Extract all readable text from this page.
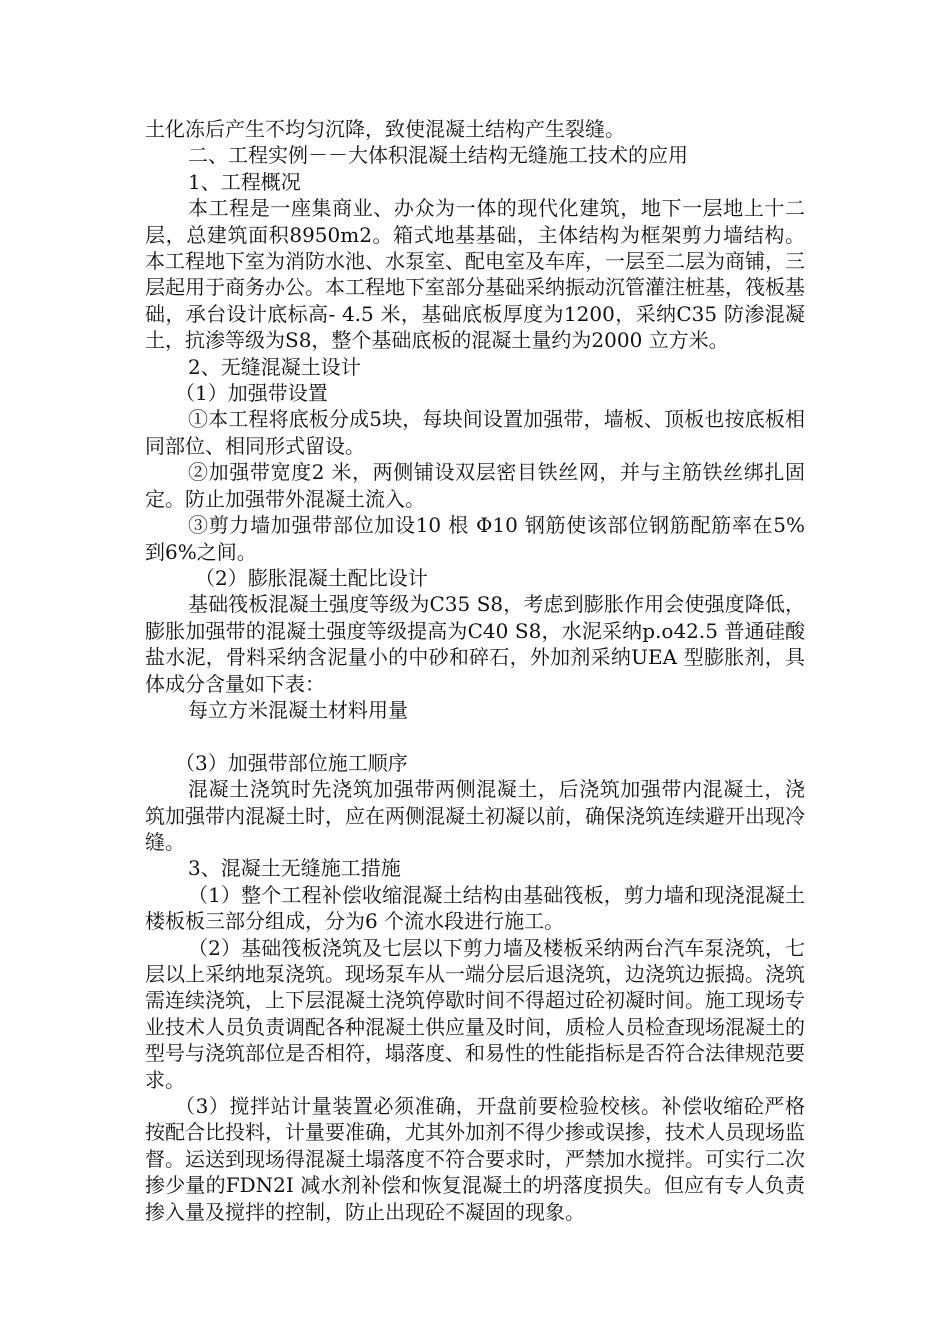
土化冻后产生不均匀沉降，致使混凝土结构产生裂缝。

二、工程实例－－大体积混凝土结构无缝施工技术的应用

1、工程概况

本工程是一座集商业、办众为一体的现代化建筑，地下一层地上十二层，总建筑面积8950m2。箱式地基基础，主体结构为框架剪力墙结构。本工程地下室为消防水池、水泵室、配电室及车库，一层至二层为商铺，三层起用于商务办公。本工程地下室部分基础采纳振动沉管灌注桩基，筏板基础，承台设计底标高- 4.5 米，基础底板厚度为1200，采纳C35 防渗混凝土，抗渗等级为S8，整个基础底板的混凝土量约为2000 立方米。

2、无缝混凝土设计

（1）加强带设置

①本工程将底板分成5块，每块间设置加强带，墙板、顶板也按底板相同部位、相同形式留设。

②加强带宽度2 米，两侧铺设双层密目铁丝网，并与主筋铁丝绑扎固定。防止加强带外混凝土流入。

③剪力墙加强带部位加设10 根 Φ10 钢筋使该部位钢筋配筋率在5%到6%之间。

（2）膨胀混凝土配比设计

基础筏板混凝土强度等级为C35 S8，考虑到膨胀作用会使强度降低，膨胀加强带的混凝土强度等级提高为C40 S8，水泥采纳p.o42.5 普通硅酸盐水泥，骨料采纳含泥量小的中砂和碎石，外加剂采纳UEA 型膨胀剂，具体成分含量如下表：

每立方米混凝土材料用量

（3）加强带部位施工顺序

混凝土浇筑时先浇筑加强带两侧混凝土，后浇筑加强带内混凝土，浇筑加强带内混凝土时，应在两侧混凝土初凝以前，确保浇筑连续避开出现冷缝。

3、混凝土无缝施工措施

（1）整个工程补偿收缩混凝土结构由基础筏板，剪力墙和现浇混凝土楼板板三部分组成，分为6 个流水段进行施工。

（2）基础筏板浇筑及七层以下剪力墙及楼板采纳两台汽车泵浇筑，七层以上采纳地泵浇筑。现场泵车从一端分层后退浇筑，边浇筑边振捣。浇筑需连续浇筑，上下层混凝土浇筑停歇时间不得超过砼初凝时间。施工现场专业技术人员负责调配各种混凝土供应量及时间，质检人员检查现场混凝土的型号与浇筑部位是否相符，塌落度、和易性的性能指标是否符合法律规范要求。

（3）搅拌站计量装置必须准确，开盘前要检验校核。补偿收缩砼严格按配合比投料，计量要准确，尤其外加剂不得少掺或误掺，技术人员现场监督。运送到现场得混凝土塌落度不符合要求时，严禁加水搅拌。可实行二次掺少量的FDN2I 减水剂补偿和恢复混凝土的坍落度损失。但应有专人负责掺入量及搅拌的控制，防止出现砼不凝固的现象。
